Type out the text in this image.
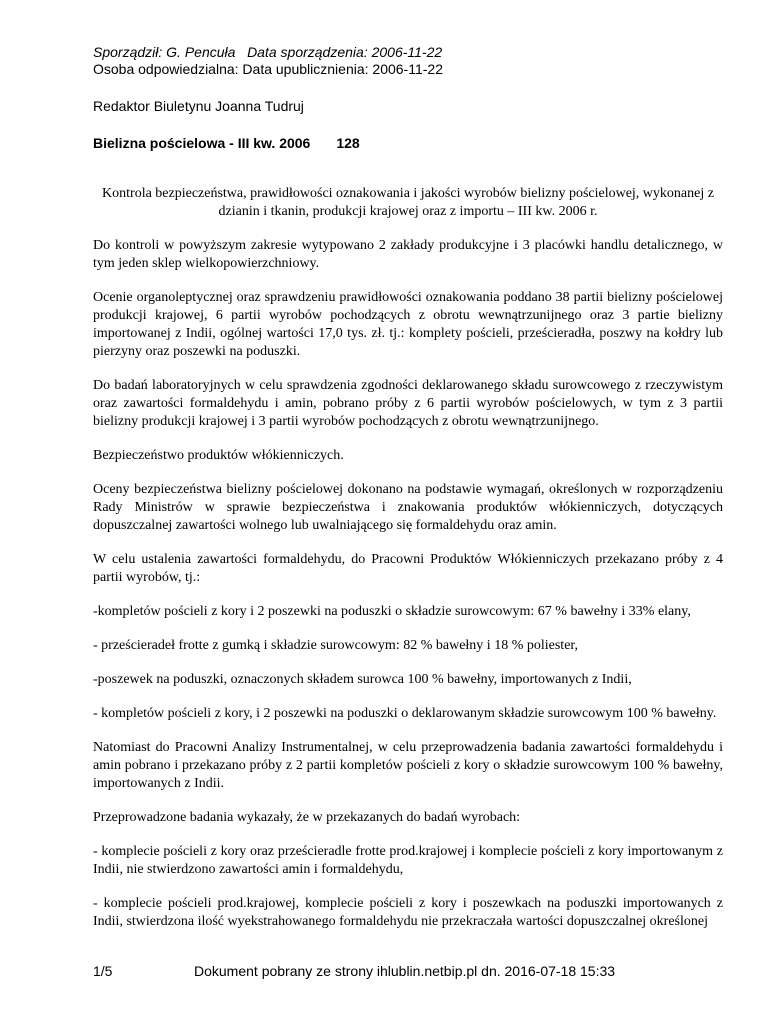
Sporządził: G. Pencuła   Data sporządzenia: 2006-11-22
Osoba odpowiedzialna: Data upublicznienia: 2006-11-22
Redaktor Biuletynu Joanna Tudruj
Bielizna pościelowa - III kw. 2006 128

Kontrola bezpieczeństwa, prawidłowości oznakowania i jakości wyrobów bielizny pościelowej, wykonanej z dzianin i tkanin, produkcji krajowej oraz z importu – III kw. 2006 r.

Do kontroli w powyższym zakresie wytypowano 2 zakłady produkcyjne i 3 placówki handlu detalicznego, w tym jeden sklep wielkopowierzchniowy.

Ocenie organoleptycznej oraz sprawdzeniu prawidłowości oznakowania poddano 38 partii bielizny pościelowej produkcji krajowej, 6 partii wyrobów pochodzących z obrotu wewnątrzunijnego oraz 3 partie bielizny importowanej z Indii, ogólnej wartości 17,0 tys. zł. tj.: komplety pościeli, prześcieradła, poszwy na kołdry lub pierzyny oraz poszewki na poduszki.

Do badań laboratoryjnych w celu sprawdzenia zgodności deklarowanego składu surowcowego z rzeczywistym oraz zawartości formaldehydu i amin, pobrano próby z 6 partii wyrobów pościelowych, w tym z 3 partii bielizny produkcji krajowej i 3 partii wyrobów pochodzących z obrotu wewnątrzunijnego.

Bezpieczeństwo produktów włókienniczych.

Oceny bezpieczeństwa bielizny pościelowej dokonano na podstawie wymagań, określonych w rozporządzeniu Rady Ministrów w sprawie bezpieczeństwa i znakowania produktów włókienniczych, dotyczących dopuszczalnej zawartości wolnego lub uwalniającego się formaldehydu oraz amin.

W celu ustalenia zawartości formaldehydu, do Pracowni Produktów Włókienniczych przekazano próby z 4 partii wyrobów, tj.:

-kompletów pościeli z kory i 2 poszewki na poduszki o składzie surowcowym: 67 % bawełny i 33% elany,

- prześcieradeł frotte z gumką i składzie surowcowym: 82 % bawełny i 18 % poliester,

-poszewek na poduszki, oznaczonych składem surowca 100 % bawełny, importowanych z Indii,

- kompletów pościeli z kory, i 2 poszewki na poduszki o deklarowanym składzie surowcowym 100 % bawełny.

Natomiast do Pracowni Analizy Instrumentalnej, w celu przeprowadzenia badania zawartości formaldehydu i amin pobrano i przekazano próby z 2 partii kompletów pościeli z kory o składzie surowcowym 100 % bawełny, importowanych z Indii.

Przeprowadzone badania wykazały, że w przekazanych do badań wyrobach:

- komplecie pościeli z kory oraz prześcieradle frotte prod.krajowej i komplecie pościeli z kory importowanym z Indii, nie stwierdzono zawartości amin i formaldehydu,

- komplecie pościeli prod.krajowej, komplecie pościeli z kory i poszewkach na poduszki importowanych z Indii, stwierdzona ilość wyekstrahowanego formaldehydu nie przekraczała wartości dopuszczalnej określonej

1/5	Dokument pobrany ze strony ihlublin.netbip.pl dn. 2016-07-18 15:33
